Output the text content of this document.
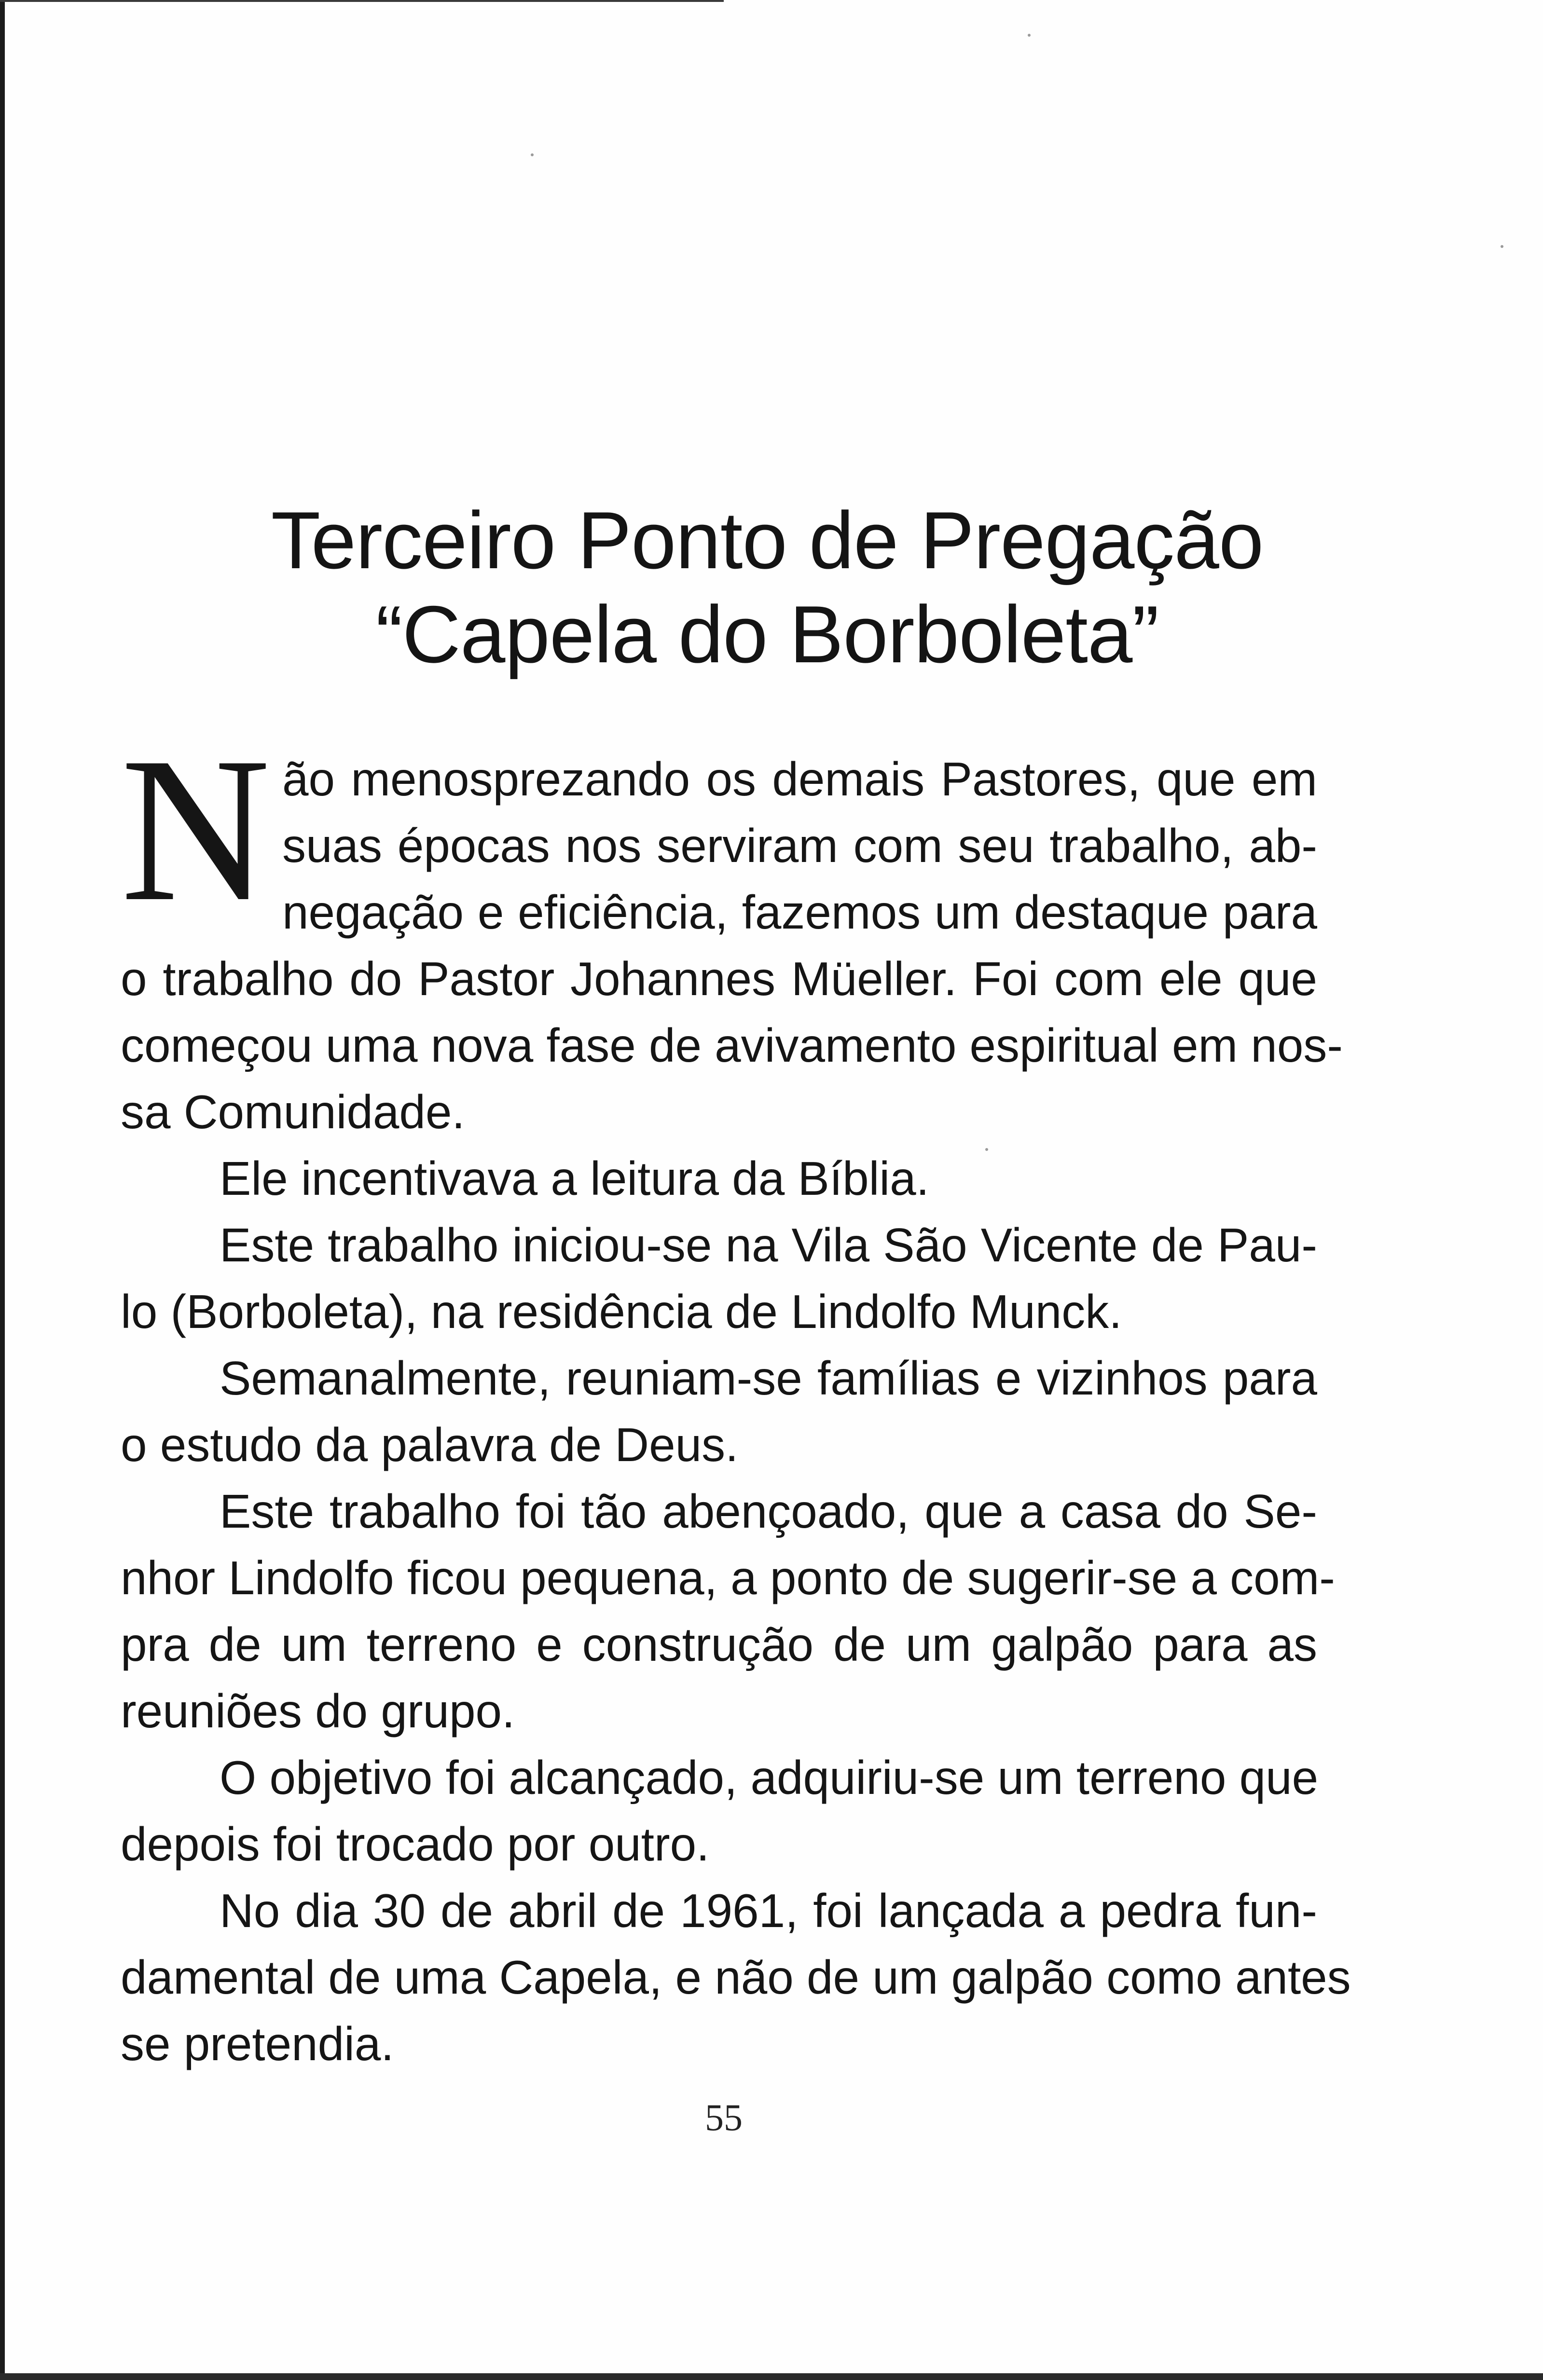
Terceiro Ponto de Pregação
“Capela do Borboleta”
N ão menosprezando os demais Pastores, que em
suas épocas nos serviram com seu trabalho, ab-
negação e eficiência, fazemos um destaque para
o trabalho do Pastor Johannes Müeller. Foi com ele que
começou uma nova fase de avivamento espiritual em nos-
sa Comunidade.
Ele incentivava a leitura da Bíblia.
Este trabalho iniciou-se na Vila São Vicente de Pau-
lo (Borboleta), na residência de Lindolfo Munck.
Semanalmente, reuniam-se famílias e vizinhos para
o estudo da palavra de Deus.
Este trabalho foi tão abençoado, que a casa do Se-
nhor Lindolfo ficou pequena, a ponto de sugerir-se a com-
pra de um terreno e construção de um galpão para as
reuniões do grupo.
O objetivo foi alcançado, adquiriu-se um terreno que
depois foi trocado por outro.
No dia 30 de abril de 1961, foi lançada a pedra fun-
damental de uma Capela, e não de um galpão como antes
se pretendia.
55
